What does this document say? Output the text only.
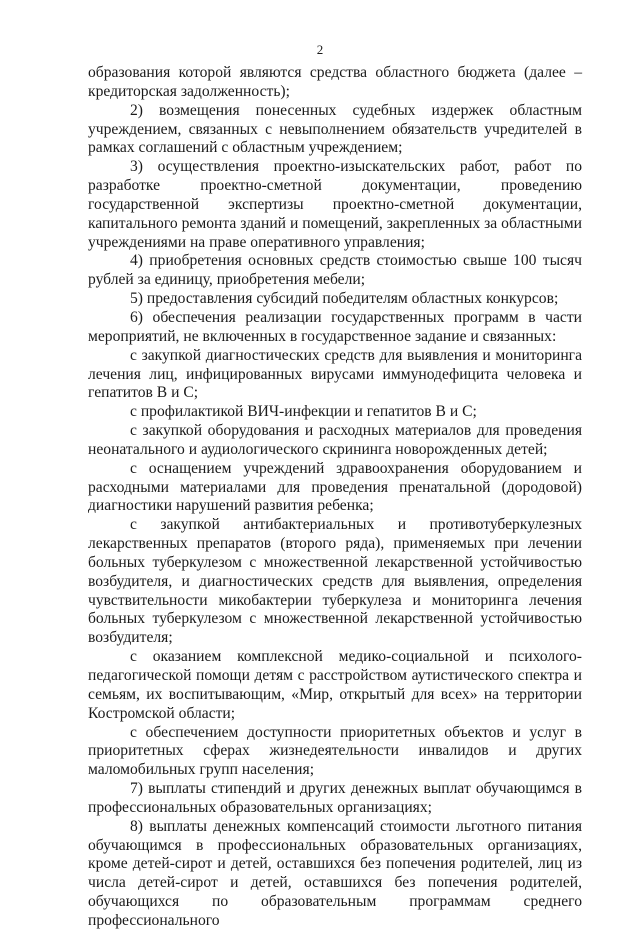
2

образования которой являются средства областного бюджета (далее – кредиторская задолженность);

2) возмещения понесенных судебных издержек областным учреждением, связанных с невыполнением обязательств учредителей в рамках соглашений с областным учреждением;

3) осуществления проектно-изыскательских работ, работ по разработке проектно-сметной документации, проведению государственной экспертизы проектно-сметной документации, капитального ремонта зданий и помещений, закрепленных за областными учреждениями на праве оперативного управления;

4) приобретения основных средств стоимостью свыше 100 тысяч рублей за единицу, приобретения мебели;

5) предоставления субсидий победителям областных конкурсов;

6) обеспечения реализации государственных программ в части мероприятий, не включенных в государственное задание и связанных:

с закупкой диагностических средств для выявления и мониторинга лечения лиц, инфицированных вирусами иммунодефицита человека и гепатитов В и С;

с профилактикой ВИЧ-инфекции и гепатитов В и С;

с закупкой оборудования и расходных материалов для проведения неонатального и аудиологического скрининга новорожденных детей;

с оснащением учреждений здравоохранения оборудованием и расходными материалами для проведения пренатальной (дородовой) диагностики нарушений развития ребенка;

с закупкой антибактериальных и противотуберкулезных лекарственных препаратов (второго ряда), применяемых при лечении больных туберкулезом с множественной лекарственной устойчивостью возбудителя, и диагностических средств для выявления, определения чувствительности микобактерии туберкулеза и мониторинга лечения больных туберкулезом с множественной лекарственной устойчивостью возбудителя;

с оказанием комплексной медико-социальной и психолого-педагогической помощи детям с расстройством аутистического спектра и семьям, их воспитывающим, «Мир, открытый для всех» на территории Костромской области;

с обеспечением доступности приоритетных объектов и услуг в приоритетных сферах жизнедеятельности инвалидов и других маломобильных групп населения;

7) выплаты стипендий и других денежных выплат обучающимся в профессиональных образовательных организациях;

8) выплаты денежных компенсаций стоимости льготного питания обучающимся в профессиональных образовательных организациях, кроме детей-сирот и детей, оставшихся без попечения родителей, лиц из числа детей-сирот и детей, оставшихся без попечения родителей, обучающихся по образовательным программам среднего профессионального
